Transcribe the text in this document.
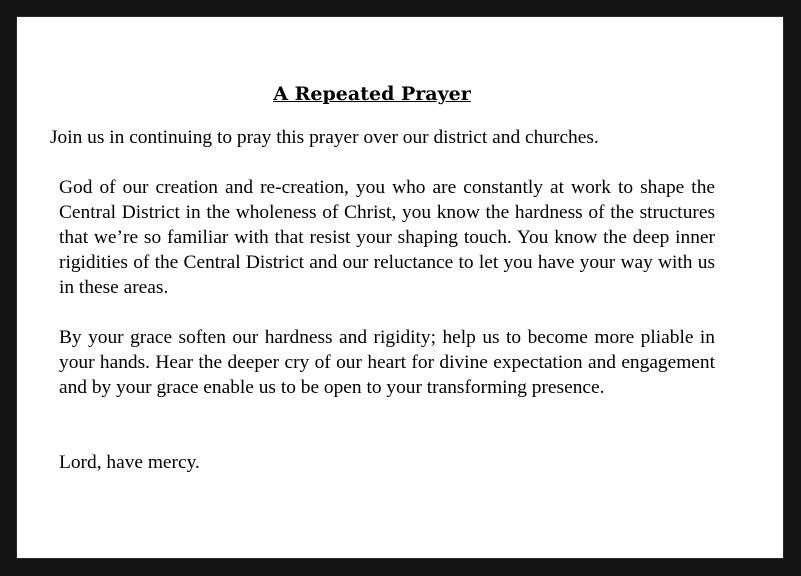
A Repeated Prayer

Join us in continuing to pray this prayer over our district and churches.

God of our creation and re-creation, you who are constantly at work to shape the Central District in the wholeness of Christ, you know the hardness of the structures that we’re so familiar with that resist your shaping touch. You know the deep inner rigidities of the Central District and our reluctance to let you have your way with us in these areas.

By your grace soften our hardness and rigidity; help us to become more pliable in your hands. Hear the deeper cry of our heart for divine expectation and engagement and by your grace enable us to be open to your transforming presence.

Lord, have mercy.
